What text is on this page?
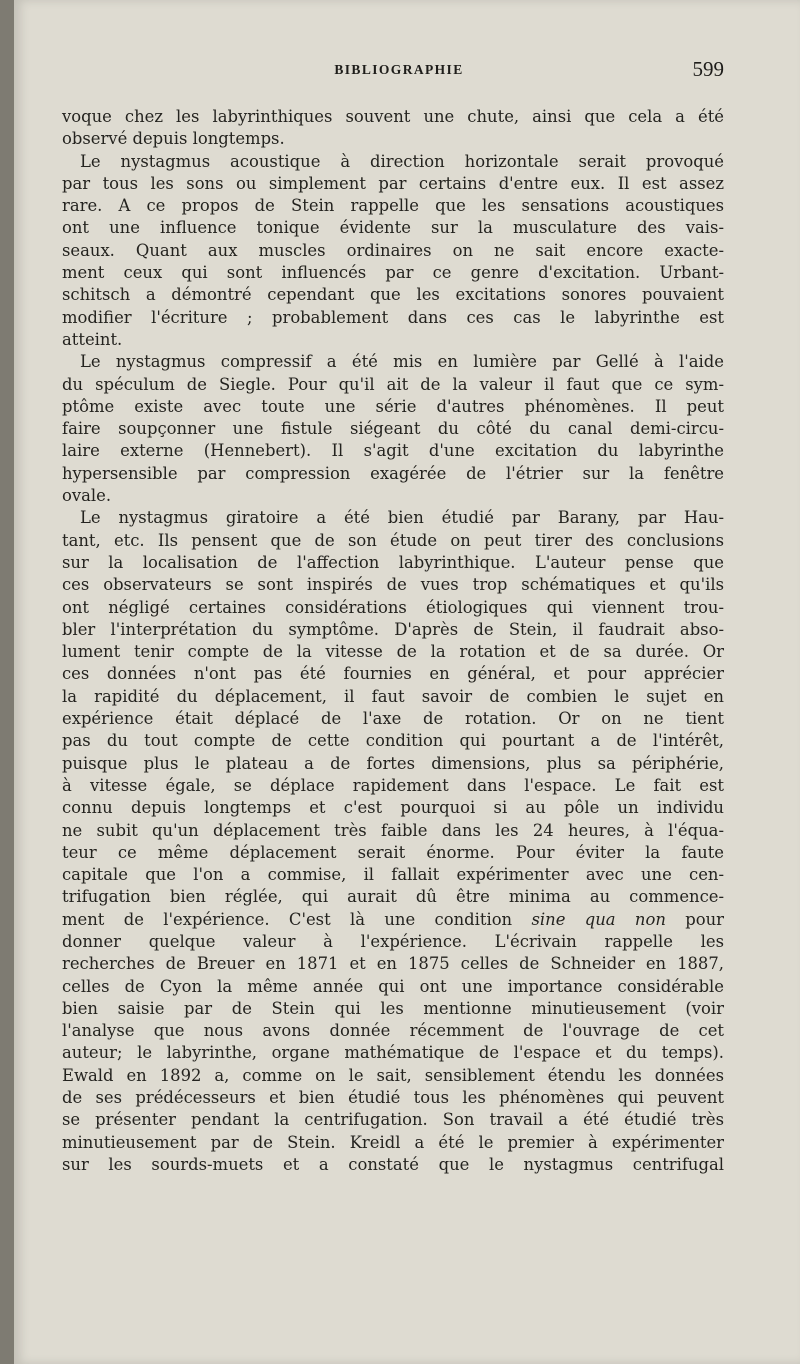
BIBLIOGRAPHIE	599
voque chez les labyrinthiques souvent une chute, ainsi que cela a été
observé depuis longtemps.
Le nystagmus acoustique à direction horizontale serait provoqué
par tous les sons ou simplement par certains d'entre eux. Il est assez
rare. A ce propos de Stein rappelle que les sensations acoustiques
ont une influence tonique évidente sur la musculature des vais-
seaux. Quant aux muscles ordinaires on ne sait encore exacte-
ment ceux qui sont influencés par ce genre d'excitation. Urbant-
schitsch a démontré cependant que les excitations sonores pouvaient
modifier l'écriture ; probablement dans ces cas le labyrinthe est
atteint.
Le nystagmus compressif a été mis en lumière par Gellé à l'aide
du spéculum de Siegle. Pour qu'il ait de la valeur il faut que ce sym-
ptôme existe avec toute une série d'autres phénomènes. Il peut
faire soupçonner une fistule siégeant du côté du canal demi-circu-
laire externe (Hennebert). Il s'agit d'une excitation du labyrinthe
hypersensible par compression exagérée de l'étrier sur la fenêtre
ovale.
Le nystagmus giratoire a été bien étudié par Barany, par Hau-
tant, etc. Ils pensent que de son étude on peut tirer des conclusions
sur la localisation de l'affection labyrinthique. L'auteur pense que
ces observateurs se sont inspirés de vues trop schématiques et qu'ils
ont négligé certaines considérations étiologiques qui viennent trou-
bler l'interprétation du symptôme. D'après de Stein, il faudrait abso-
lument tenir compte de la vitesse de la rotation et de sa durée. Or
ces données n'ont pas été fournies en général, et pour apprécier
la rapidité du déplacement, il faut savoir de combien le sujet en
expérience était déplacé de l'axe de rotation. Or on ne tient
pas du tout compte de cette condition qui pourtant a de l'intérêt,
puisque plus le plateau a de fortes dimensions, plus sa périphérie,
à vitesse égale, se déplace rapidement dans l'espace. Le fait est
connu depuis longtemps et c'est pourquoi si au pôle un individu
ne subit qu'un déplacement très faible dans les 24 heures, à l'équa-
teur ce même déplacement serait énorme. Pour éviter la faute
capitale que l'on a commise, il fallait expérimenter avec une cen-
trifugation bien réglée, qui aurait dû être minima au commence-
ment de l'expérience. C'est là une condition sine qua non pour
donner quelque valeur à l'expérience. L'écrivain rappelle les
recherches de Breuer en 1871 et en 1875 celles de Schneider en 1887,
celles de Cyon la même année qui ont une importance considérable
bien saisie par de Stein qui les mentionne minutieusement (voir
l'analyse que nous avons donnée récemment de l'ouvrage de cet
auteur; le labyrinthe, organe mathématique de l'espace et du temps).
Ewald en 1892 a, comme on le sait, sensiblement étendu les données
de ses prédécesseurs et bien étudié tous les phénomènes qui peuvent
se présenter pendant la centrifugation. Son travail a été étudié très
minutieusement par de Stein. Kreidl a été le premier à expérimenter
sur les sourds-muets et a constaté que le nystagmus centrifugal
